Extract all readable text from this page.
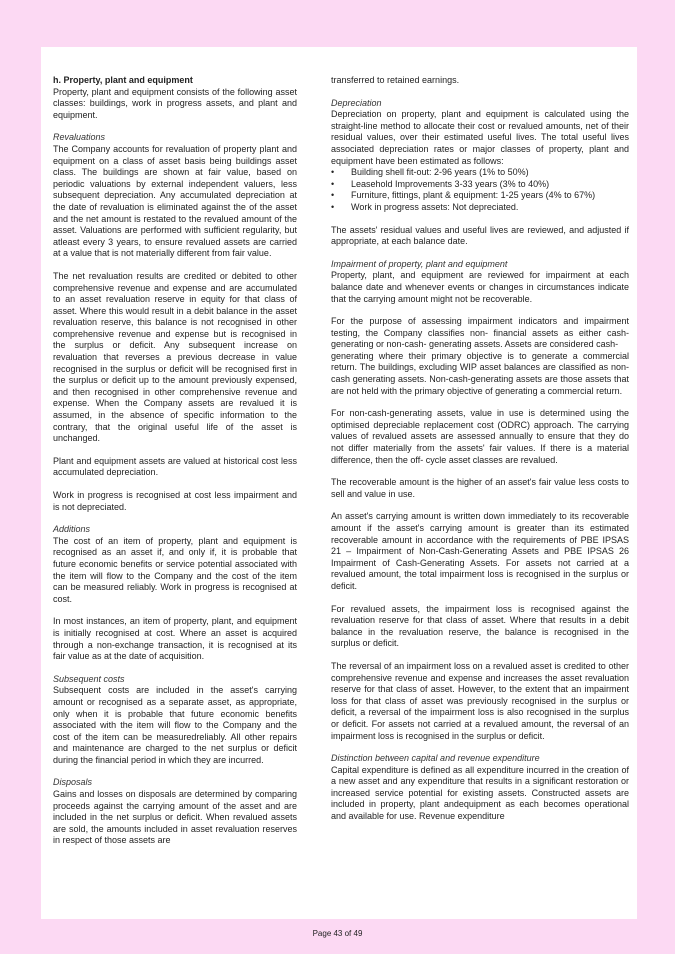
h. Property, plant and equipment

Property, plant and equipment consists of the following asset classes: buildings, work in progress assets, and plant and equipment.

Revaluations

The Company accounts for revaluation of property plant and equipment on a class of asset basis being buildings asset class. The buildings are shown at fair value, based on periodic valuations by external independent valuers, less subsequent depreciation. Any accumulated depreciation at the date of revaluation is eliminated against the of the asset and the net amount is restated to the revalued amount of the asset. Valuations are performed with sufficient regularity, but atleast every 3 years, to ensure revalued assets are carried at a value that is not materially different from fair value.

The net revaluation results are credited or debited to other comprehensive revenue and expense and are accumulated to an asset revaluation reserve in equity for that class of asset. Where this would result in a debit balance in the asset revaluation reserve, this balance is not recognised in other comprehensive revenue and expense but is recognised in the surplus or deficit. Any subsequent increase on revaluation that reverses a previous decrease in value recognised in the surplus or deficit will be recognised first in the surplus or deficit up to the amount previously expensed, and then recognised in other comprehensive revenue and expense. When the Company assets are revalued it is assumed, in the absence of specific information to the contrary, that the original useful life of the asset is unchanged.

Plant and equipment assets are valued at historical cost less accumulated depreciation.

Work in progress is recognised at cost less impairment and is not depreciated.

Additions

The cost of an item of property, plant and equipment is recognised as an asset if, and only if, it is probable that future economic benefits or service potential associated with the item will flow to the Company and the cost of the item can be measured reliably. Work in progress is recognised at cost.

In most instances, an item of property, plant, and equipment is initially recognised at cost. Where an asset is acquired through a non-exchange transaction, it is recognised at its fair value as at the date of acquisition.

Subsequent costs

Subsequent costs are included in the asset's carrying amount or recognised as a separate asset, as appropriate, only when it is probable that future economic benefits associated with the item will flow to the Company and the cost of the item can be measuredreliably. All other repairs and maintenance are charged to the net surplus or deficit during the financial period in which they are incurred.

Disposals

Gains and losses on disposals are determined by comparing proceeds against the carrying amount of the asset and are included in the net surplus or deficit. When revalued assets are sold, the amounts included in asset revaluation reserves in respect of those assets are

transferred to retained earnings.

Depreciation

Depreciation on property, plant and equipment is calculated using the straight-line method to allocate their cost or revalued amounts, net of their residual values, over their estimated useful lives. The total useful lives associated depreciation rates or major classes of property, plant and equipment have been estimated as follows:

• Building shell fit-out: 2-96 years (1% to 50%)
• Leasehold Improvements 3-33 years (3% to 40%)
• Furniture, fittings, plant & equipment: 1-25 years (4% to 67%)
• Work in progress assets: Not depreciated.

The assets' residual values and useful lives are reviewed, and adjusted if appropriate, at each balance date.

Impairment of property, plant and equipment

Property, plant, and equipment are reviewed for impairment at each balance date and whenever events or changes in circumstances indicate that the carrying amount might not be recoverable.

For the purpose of assessing impairment indicators and impairment testing, the Company classifies non- financial assets as either cash-generating or non-cash- generating assets. Assets are considered cash-

generating where their primary objective is to generate a commercial return. The buildings, excluding WIP asset balances are classified as non-cash generating assets. Non-cash-generating assets are those assets that are not held with the primary objective of generating a commercial return.

For non-cash-generating assets, value in use is determined using the optimised depreciable replacement cost (ODRC) approach. The carrying values of revalued assets are assessed annually to ensure that they do not differ materially from the assets' fair values. If there is a material difference, then the off- cycle asset classes are revalued.

The recoverable amount is the higher of an asset's fair value less costs to sell and value in use.

An asset's carrying amount is written down immediately to its recoverable amount if the asset's carrying amount is greater than its estimated recoverable amount in accordance with the requirements of PBE IPSAS 21 – Impairment of Non-Cash-Generating Assets and PBE IPSAS 26 Impairment of Cash-Generating Assets. For assets not carried at a revalued amount, the total impairment loss is recognised in the surplus or deficit.

For revalued assets, the impairment loss is recognised against the revaluation reserve for that class of asset. Where that results in a debit balance in the revaluation reserve, the balance is recognised in the surplus or deficit.

The reversal of an impairment loss on a revalued asset is credited to other comprehensive revenue and expense and increases the asset revaluation reserve for that class of asset. However, to the extent that an impairment loss for that class of asset was previously recognised in the surplus or deficit, a reversal of the impairment loss is also recognised in the surplus or deficit. For assets not carried at a revalued amount, the reversal of an impairment loss is recognised in the surplus or deficit.

Distinction between capital and revenue expenditure

Capital expenditure is defined as all expenditure incurred in the creation of a new asset and any expenditure that results in a significant restoration or increased service potential for existing assets. Constructed assets are included in property, plant andequipment as each becomes operational and available for use. Revenue expenditure

Page 43 of 49
